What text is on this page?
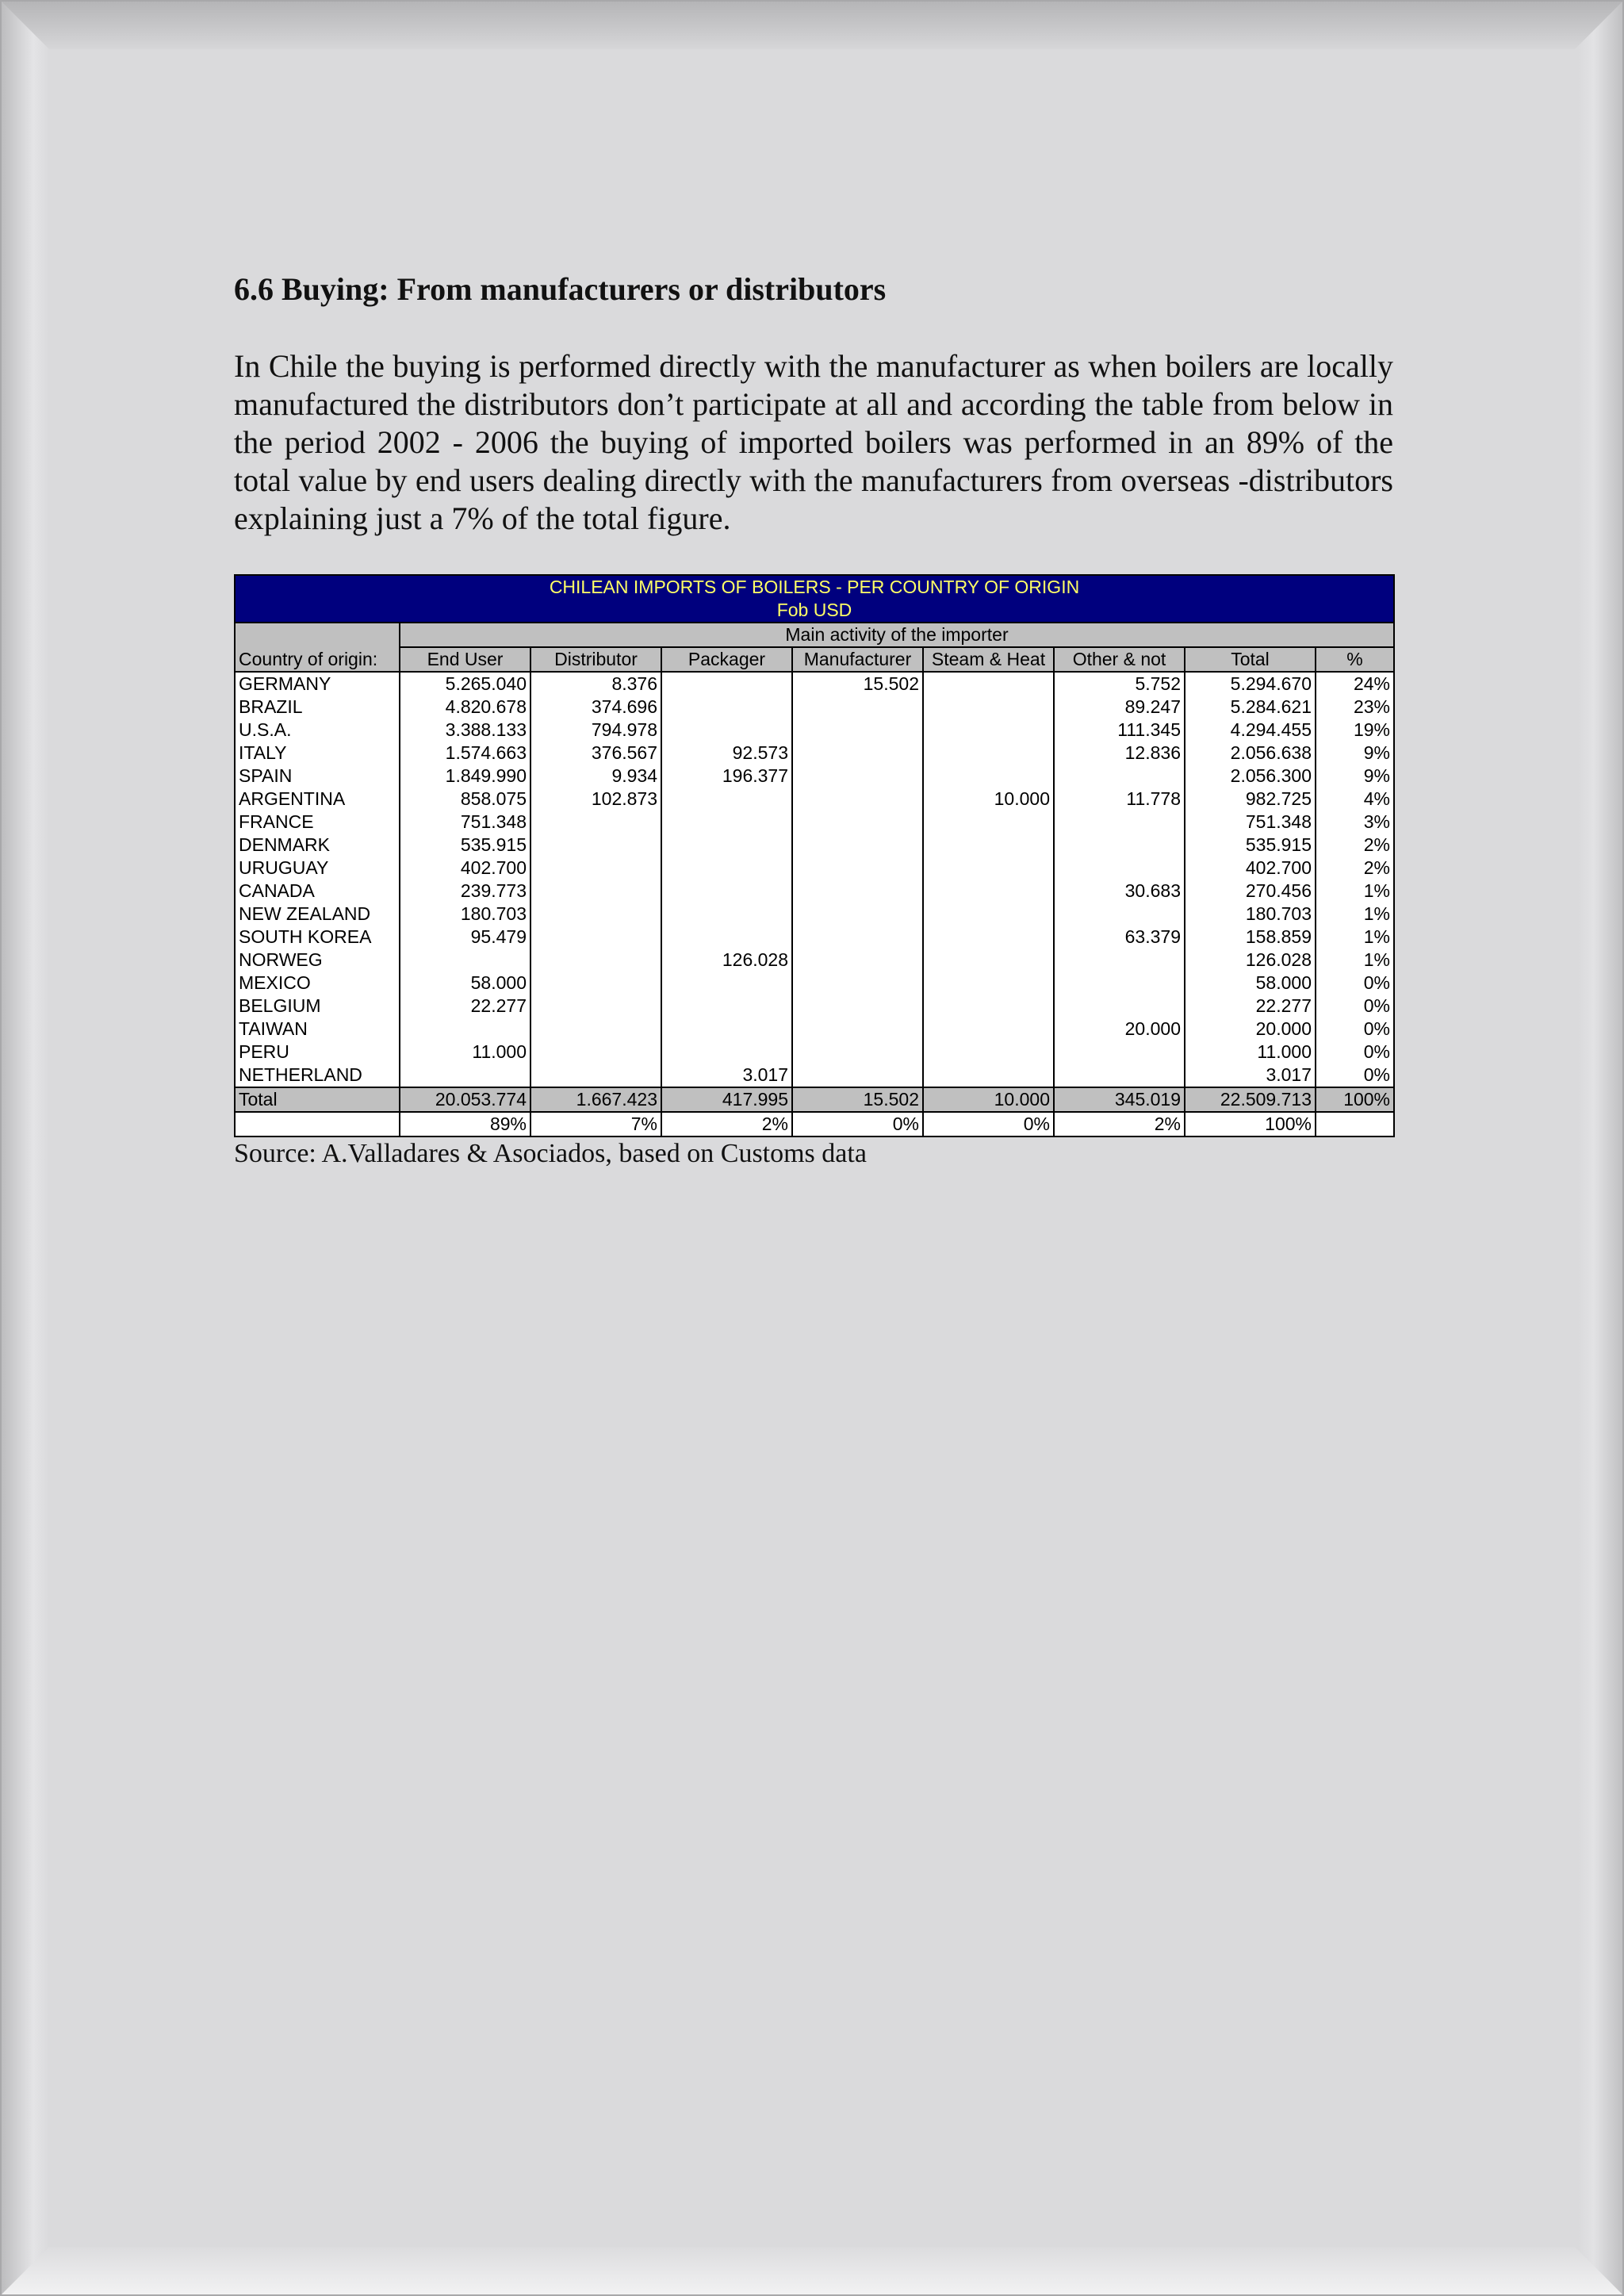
6.6 Buying: From manufacturers or distributors

In Chile the buying is performed directly with the manufacturer as when boilers are locally manufactured the distributors don’t participate at all and according the table from below in the period 2002 - 2006 the buying of imported boilers was performed in an 89% of the total value by end users dealing directly with the manufacturers from overseas -distributors explaining just a 7% of the total figure.

CHILEAN IMPORTS OF BOILERS - PER COUNTRY OF ORIGIN								
Fob USD								
	Main activity of the importer							
Country of origin:	End User	Distributor	Packager	Manufacturer	Steam & Heat	Other & not	Total	%
GERMANY	5.265.040	8.376		15.502		5.752	5.294.670	24%
BRAZIL	4.820.678	374.696				89.247	5.284.621	23%
U.S.A.	3.388.133	794.978				111.345	4.294.455	19%
ITALY	1.574.663	376.567	92.573			12.836	2.056.638	9%
SPAIN	1.849.990	9.934	196.377				2.056.300	9%
ARGENTINA	858.075	102.873			10.000	11.778	982.725	4%
FRANCE	751.348						751.348	3%
DENMARK	535.915						535.915	2%
URUGUAY	402.700						402.700	2%
CANADA	239.773					30.683	270.456	1%
NEW ZEALAND	180.703						180.703	1%
SOUTH KOREA	95.479					63.379	158.859	1%
NORWEG			126.028				126.028	1%
MEXICO	58.000						58.000	0%
BELGIUM	22.277						22.277	0%
TAIWAN						20.000	20.000	0%
PERU	11.000						11.000	0%
NETHERLAND			3.017				3.017	0%
Total	20.053.774	1.667.423	417.995	15.502	10.000	345.019	22.509.713	100%
	89%	7%	2%	0%	0%	2%	100%	

Source: A.Valladares & Asociados, based on Customs data
